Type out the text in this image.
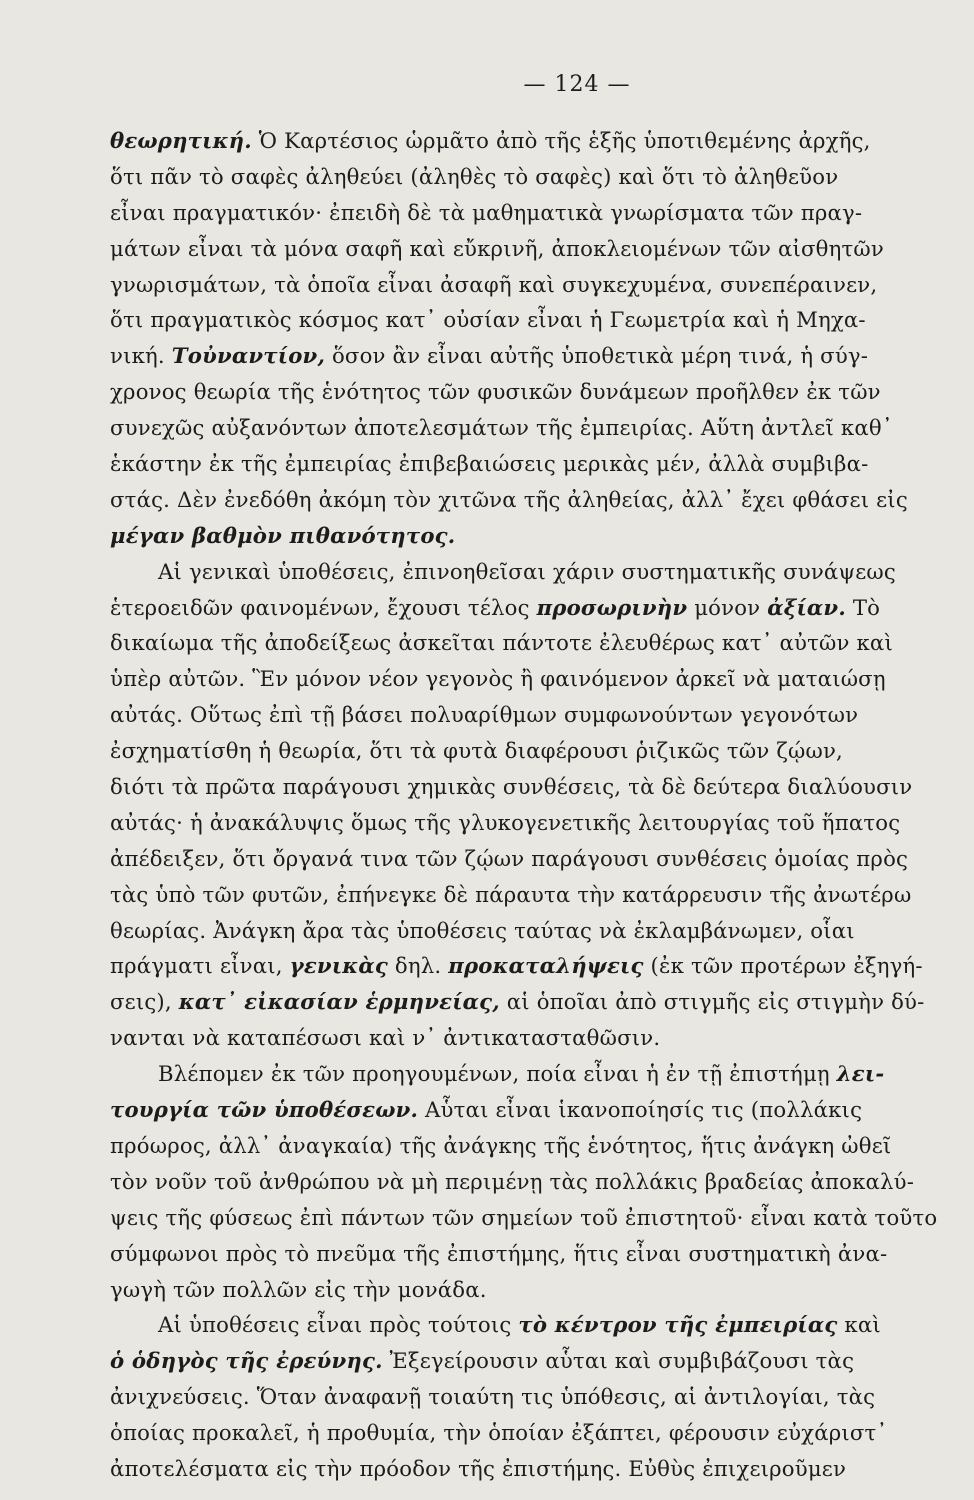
— 124 —
θεωρητική. Ὁ Καρτέσιος ὡρμᾶτο ἀπὸ τῆς ἑξῆς ὑποτιθεμένης ἀρχῆς,
ὅτι πᾶν τὸ σαφὲς ἀληθεύει (ἀληθὲς τὸ σαφὲς) καὶ ὅτι τὸ ἀληθεῦον
εἶναι πραγματικόν· ἐπειδὴ δὲ τὰ μαθηματικὰ γνωρίσματα τῶν πραγ-
μάτων εἶναι τὰ μόνα σαφῆ καὶ εὔκρινῆ, ἀποκλειομένων τῶν αἰσθητῶν
γνωρισμάτων, τὰ ὁποῖα εἶναι ἀσαφῆ καὶ συγκεχυμένα, συνεπέραινεν,
ὅτι πραγματικὸς κόσμος κατ᾽ οὐσίαν εἶναι ἡ Γεωμετρία καὶ ἡ Μηχα-
νική. Τοὐναντίον, ὅσον ἂν εἶναι αὐτῆς ὑποθετικὰ μέρη τινά, ἡ σύγ-
χρονος θεωρία τῆς ἑνότητος τῶν φυσικῶν δυνάμεων προῆλθεν ἐκ τῶν
συνεχῶς αὐξανόντων ἀποτελεσμάτων τῆς ἐμπειρίας. Αὕτη ἀντλεῖ καθ᾽
ἑκάστην ἐκ τῆς ἐμπειρίας ἐπιβεβαιώσεις μερικὰς μέν, ἀλλὰ συμβιβα-
στάς. Δὲν ἐνεδόθη ἀκόμη τὸν χιτῶνα τῆς ἀληθείας, ἀλλ᾽ ἔχει φθάσει εἰς
μέγαν βαθμὸν πιθανότητος.
Αἱ γενικαὶ ὑποθέσεις, ἐπινοηθεῖσαι χάριν συστηματικῆς συνάψεως
ἑτεροειδῶν φαινομένων, ἔχουσι τέλος προσωρινὴν μόνον ἀξίαν. Τὸ
δικαίωμα τῆς ἀποδείξεως ἀσκεῖται πάντοτε ἐλευθέρως κατ᾽ αὐτῶν καὶ
ὑπὲρ αὐτῶν. Ἓν μόνον νέον γεγονὸς ἢ φαινόμενον ἀρκεῖ νὰ ματαιώσῃ
αὐτάς. Οὕτως ἐπὶ τῇ βάσει πολυαρίθμων συμφωνούντων γεγονότων
ἐσχηματίσθη ἡ θεωρία, ὅτι τὰ φυτὰ διαφέρουσι ῥιζικῶς τῶν ζῴων,
διότι τὰ πρῶτα παράγουσι χημικὰς συνθέσεις, τὰ δὲ δεύτερα διαλύουσιν
αὐτάς· ἡ ἀνακάλυψις ὅμως τῆς γλυκογενετικῆς λειτουργίας τοῦ ἥπατος
ἀπέδειξεν, ὅτι ὄργανά τινα τῶν ζῴων παράγουσι συνθέσεις ὁμοίας πρὸς
τὰς ὑπὸ τῶν φυτῶν, ἐπήνεγκε δὲ πάραυτα τὴν κατάρρευσιν τῆς ἀνωτέρω
θεωρίας. Ἀνάγκη ἄρα τὰς ὑποθέσεις ταύτας νὰ ἐκλαμβάνωμεν, οἷαι
πράγματι εἶναι, γενικὰς δηλ. προκαταλήψεις (ἐκ τῶν προτέρων ἐξηγή-
σεις), κατ᾽ εἰκασίαν ἑρμηνείας, αἱ ὁποῖαι ἀπὸ στιγμῆς εἰς στιγμὴν δύ-
νανται νὰ καταπέσωσι καὶ ν᾽ ἀντικατασταθῶσιν.
Βλέπομεν ἐκ τῶν προηγουμένων, ποία εἶναι ἡ ἐν τῇ ἐπιστήμῃ λει-
τουργία τῶν ὑποθέσεων. Αὗται εἶναι ἱκανοποίησίς τις (πολλάκις
πρόωρος, ἀλλ᾽ ἀναγκαία) τῆς ἀνάγκης τῆς ἑνότητος, ἥτις ἀνάγκη ὠθεῖ
τὸν νοῦν τοῦ ἀνθρώπου νὰ μὴ περιμένῃ τὰς πολλάκις βραδείας ἀποκαλύ-
ψεις τῆς φύσεως ἐπὶ πάντων τῶν σημείων τοῦ ἐπιστητοῦ· εἶναι κατὰ τοῦτο
σύμφωνοι πρὸς τὸ πνεῦμα τῆς ἐπιστήμης, ἥτις εἶναι συστηματικὴ ἀνα-
γωγὴ τῶν πολλῶν εἰς τὴν μονάδα.
Αἱ ὑποθέσεις εἶναι πρὸς τούτοις τὸ κέντρον τῆς ἐμπειρίας καὶ
ὁ ὁδηγὸς τῆς ἐρεύνης. Ἐξεγείρουσιν αὗται καὶ συμβιβάζουσι τὰς
ἀνιχνεύσεις. Ὅταν ἀναφανῇ τοιαύτη τις ὑπόθεσις, αἱ ἀντιλογίαι, τὰς
ὁποίας προκαλεῖ, ἡ προθυμία, τὴν ὁποίαν ἐξάπτει, φέρουσιν εὐχάριστ᾽
ἀποτελέσματα εἰς τὴν πρόοδον τῆς ἐπιστήμης. Εὐθὺς ἐπιχειροῦμεν
